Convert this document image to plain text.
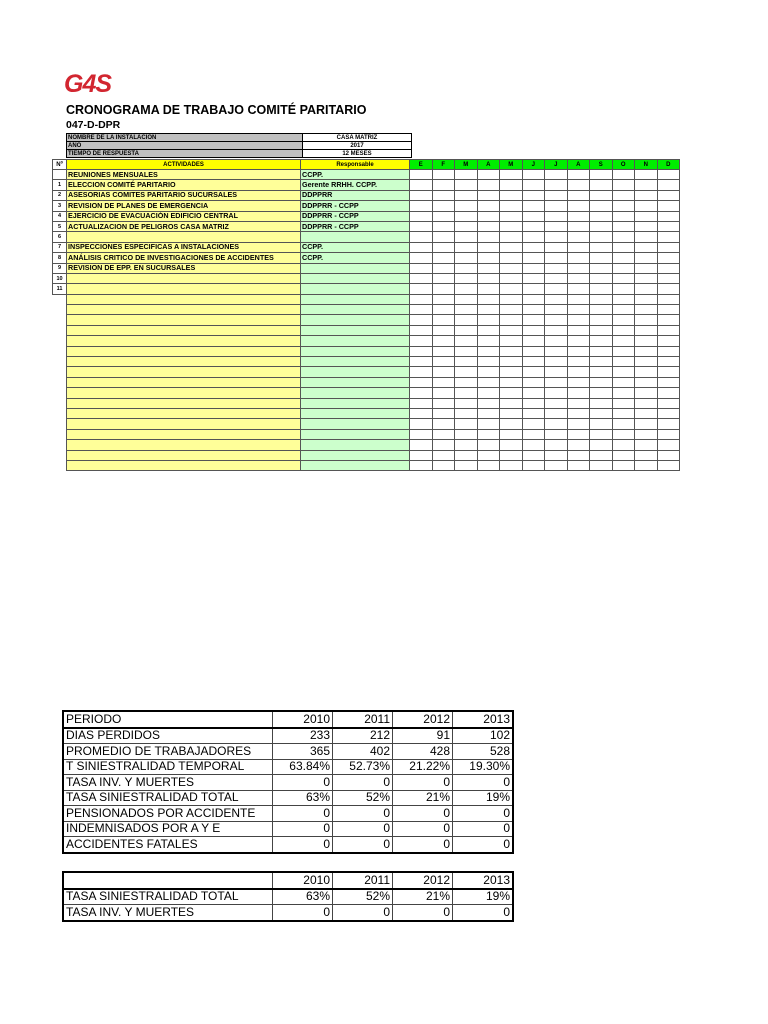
G4S
CRONOGRAMA DE TRABAJO COMITÉ PARITARIO
047-D-DPR
NOMBRE DE LA INSTALACION	CASA MATRIZ
AÑO	2017
TIEMPO DE RESPUESTA	12 MESES
Nº	ACTIVIDADES	Responsable	E	F	M	A	M	J	J	A	S	O	N	D
	REUNIONES MENSUALES	CCPP.												
1	ELECCION COMITÉ PARITARIO	Gerente RRHH. CCPP.												
2	ASESORIAS COMITES PARITARIO SUCURSALES	DDPPRR												
3	REVISION DE PLANES DE EMERGENCIA	DDPPRR - CCPP												
4	EJERCICIO DE EVACUACIÓN EDIFICIO CENTRAL	DDPPRR - CCPP												
5	ACTUALIZACION DE PELIGROS CASA MATRIZ	DDPPRR - CCPP												
6														
7	INSPECCIONES ESPECIFICAS A INSTALACIONES	CCPP.												
8	ANÁLISIS CRITICO DE INVESTIGACIONES DE ACCIDENTES	CCPP.												
9	REVISION DE EPP. EN SUCURSALES													
10														
11														

PERIODO	2010	2011	2012	2013
DIAS PERDIDOS	233	212	91	102
PROMEDIO DE TRABAJADORES	365	402	428	528
T SINIESTRALIDAD TEMPORAL	63.84%	52.73%	21.22%	19.30%
TASA INV. Y MUERTES	0	0	0	0
TASA SINIESTRALIDAD TOTAL	63%	52%	21%	19%
PENSIONADOS POR ACCIDENTE	0	0	0	0
INDEMNISADOS POR A Y E	0	0	0	0
ACCIDENTES FATALES	0	0	0	0
	2010	2011	2012	2013
TASA SINIESTRALIDAD TOTAL	63%	52%	21%	19%
TASA INV. Y MUERTES	0	0	0	0
